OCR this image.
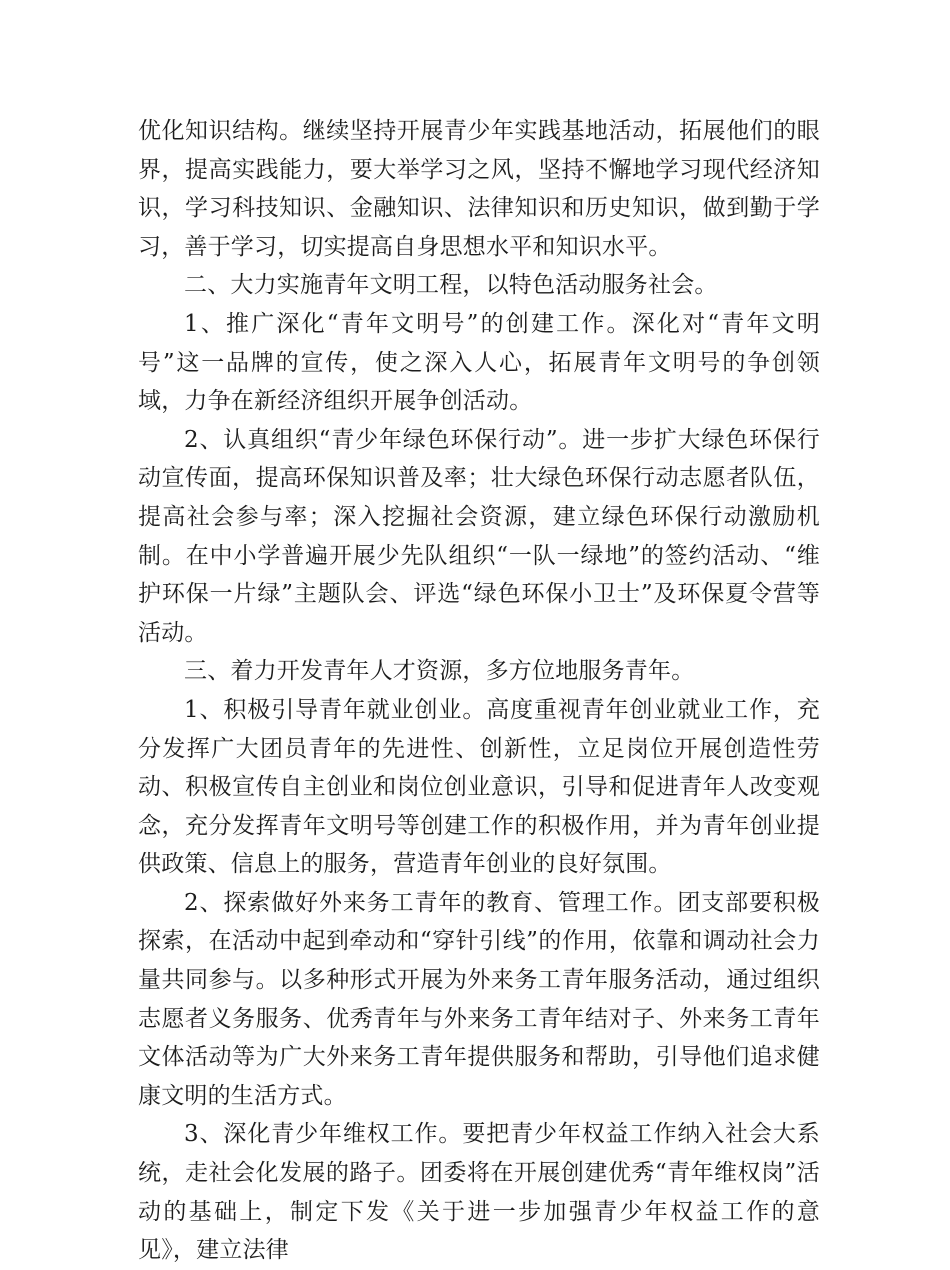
优化知识结构。继续坚持开展青少年实践基地活动，拓展他们的眼界，提高实践能力，要大举学习之风，坚持不懈地学习现代经济知识，学习科技知识、金融知识、法律知识和历史知识，做到勤于学习，善于学习，切实提高自身思想水平和知识水平。

二、大力实施青年文明工程，以特色活动服务社会。

1、推广深化“青年文明号”的创建工作。深化对“青年文明号”这一品牌的宣传，使之深入人心，拓展青年文明号的争创领域，力争在新经济组织开展争创活动。

2、认真组织“青少年绿色环保行动”。进一步扩大绿色环保行动宣传面，提高环保知识普及率；壮大绿色环保行动志愿者队伍，提高社会参与率；深入挖掘社会资源，建立绿色环保行动激励机制。在中小学普遍开展少先队组织“一队一绿地”的签约活动、“维护环保一片绿”主题队会、评选“绿色环保小卫士”及环保夏令营等活动。

三、着力开发青年人才资源，多方位地服务青年。

1、积极引导青年就业创业。高度重视青年创业就业工作，充分发挥广大团员青年的先进性、创新性，立足岗位开展创造性劳动、积极宣传自主创业和岗位创业意识，引导和促进青年人改变观念，充分发挥青年文明号等创建工作的积极作用，并为青年创业提供政策、信息上的服务，营造青年创业的良好氛围。

2、探索做好外来务工青年的教育、管理工作。团支部要积极探索，在活动中起到牵动和“穿针引线”的作用，依靠和调动社会力量共同参与。以多种形式开展为外来务工青年服务活动，通过组织志愿者义务服务、优秀青年与外来务工青年结对子、外来务工青年文体活动等为广大外来务工青年提供服务和帮助，引导他们追求健康文明的生活方式。

3、深化青少年维权工作。要把青少年权益工作纳入社会大系统，走社会化发展的路子。团委将在开展创建优秀“青年维权岗”活动的基础上，制定下发《关于进一步加强青少年权益工作的意见》，建立法律
